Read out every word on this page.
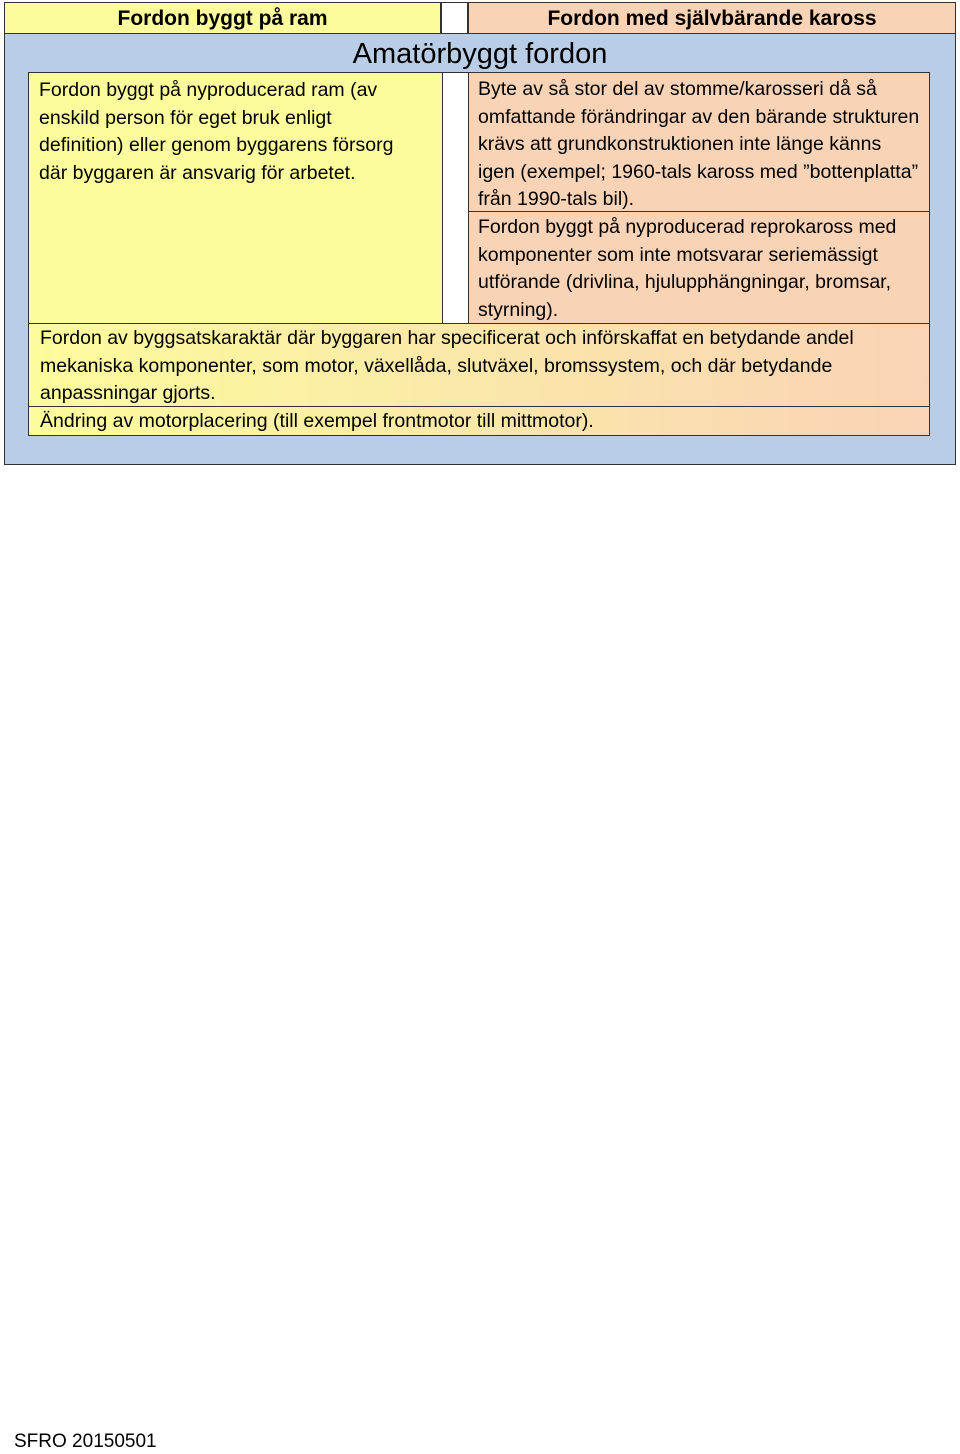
Fordon byggt på ram	Fordon med självbärande kaross
Amatörbyggt fordon
Fordon byggt på nyproducerad ram (av enskild person för eget bruk enligt definition) eller genom byggarens försorg där byggaren är ansvarig för arbetet.
Byte av så stor del av stomme/karosseri då så omfattande förändringar av den bärande strukturen krävs att grundkonstruktionen inte länge känns igen (exempel; 1960-tals kaross med ”bottenplatta” från 1990-tals bil).
Fordon byggt på nyproducerad reprokaross med komponenter som inte motsvarar seriemässigt utförande (drivlina, hjulupphängningar, bromsar, styrning).
Fordon av byggsatskaraktär där byggaren har specificerat och införskaffat en betydande andel mekaniska komponenter, som motor, växellåda, slutväxel, bromssystem, och där betydande anpassningar gjorts.
Ändring av motorplacering (till exempel frontmotor till mittmotor).
SFRO 20150501
